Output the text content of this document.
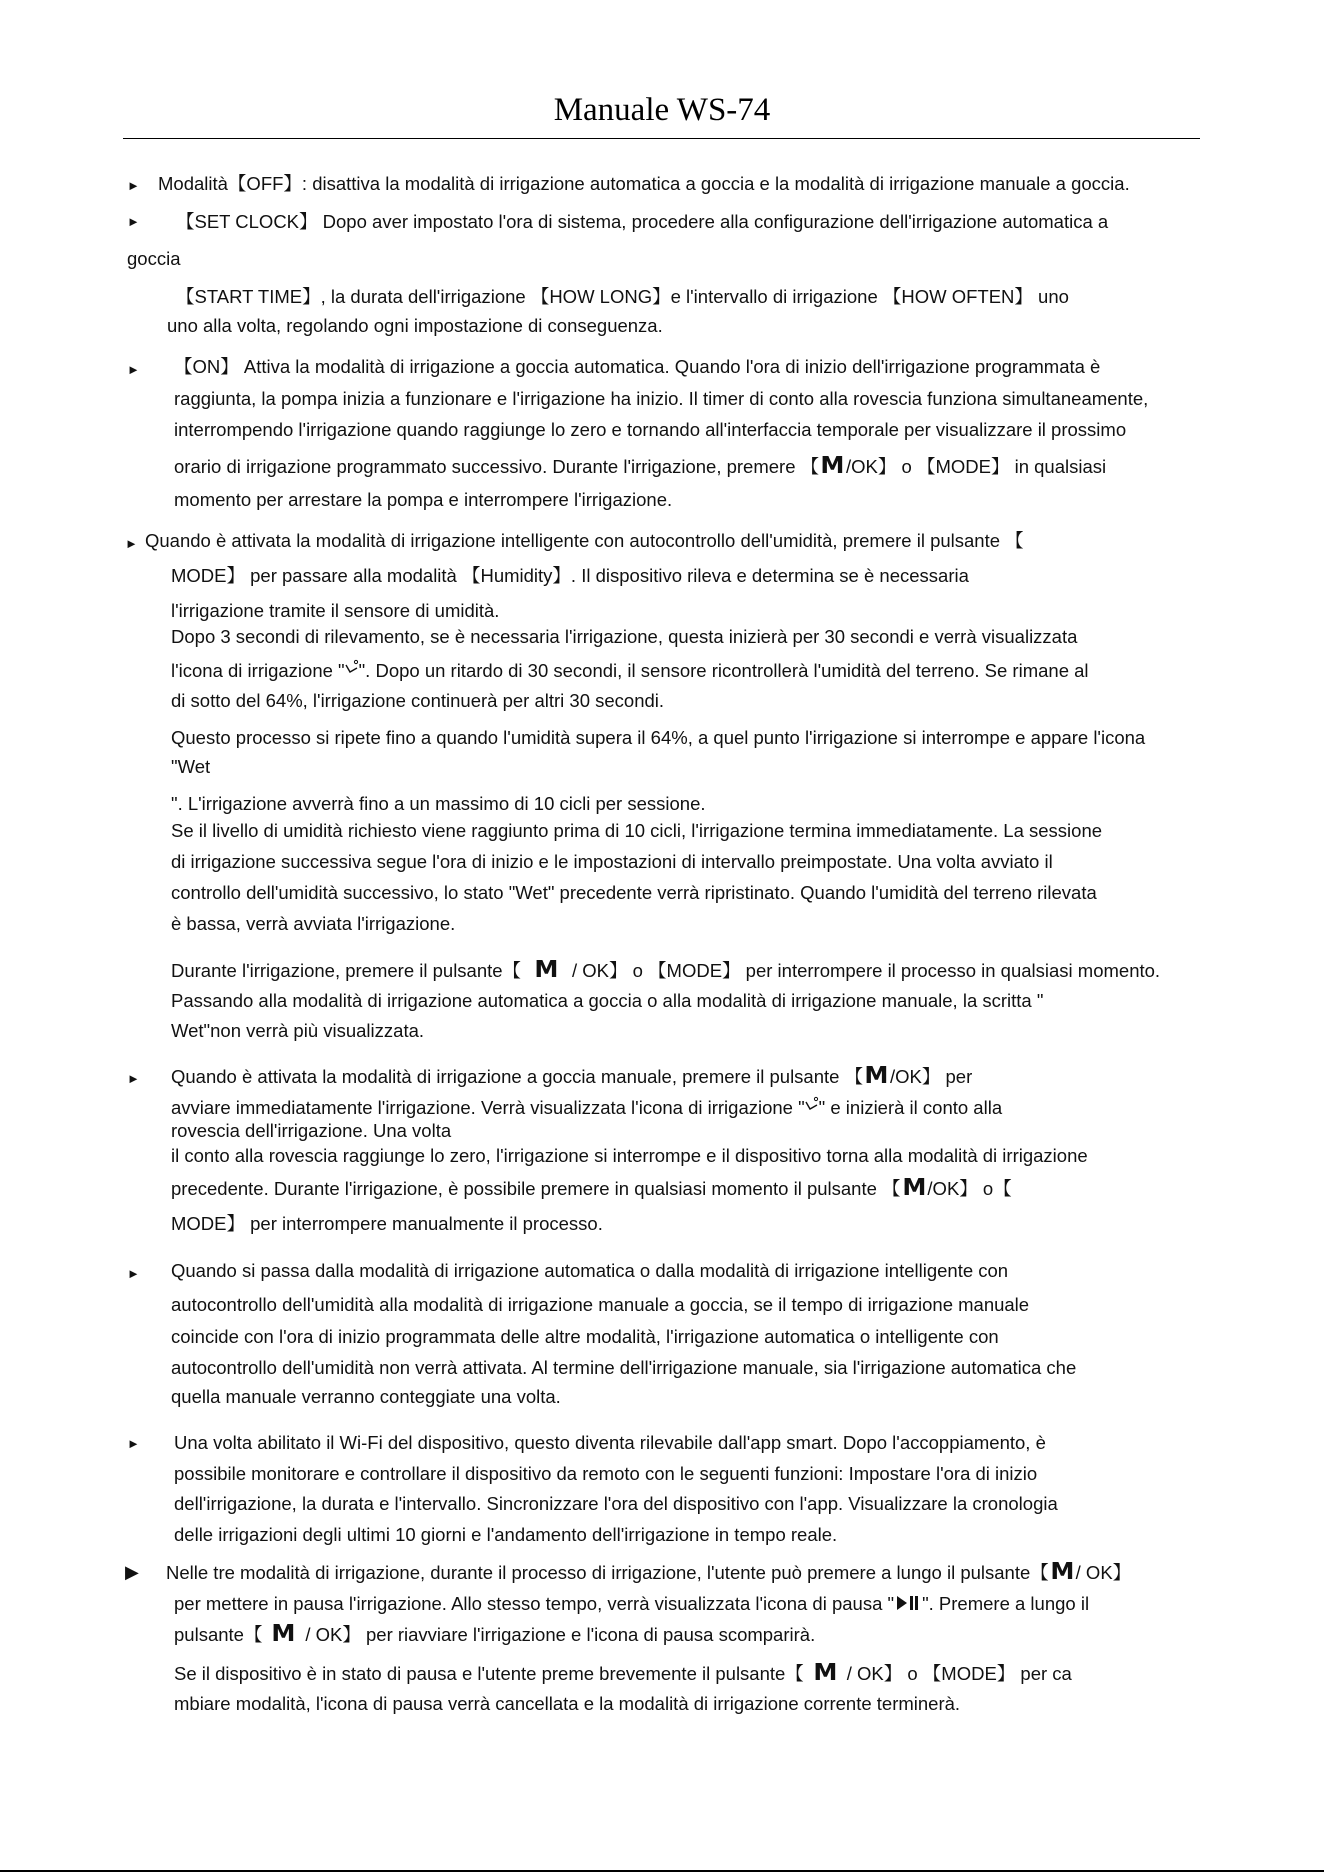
Manuale WS-74
►
►
►
►
►
►
►
▶
Modalità【OFF】: disattiva la modalità di irrigazione automatica a goccia e la modalità di irrigazione manuale a goccia.
【SET CLOCK】 Dopo aver impostato l'ora di sistema, procedere alla configurazione dell'irrigazione automatica a
goccia
【START TIME】, la durata dell'irrigazione 【HOW LONG】e l'intervallo di irrigazione 【HOW OFTEN】 uno
uno alla volta, regolando ogni impostazione di conseguenza.
【ON】 Attiva la modalità di irrigazione a goccia automatica. Quando l'ora di inizio dell'irrigazione programmata è
raggiunta, la pompa inizia a funzionare e l'irrigazione ha inizio. Il timer di conto alla rovescia funziona simultaneamente,
interrompendo l'irrigazione quando raggiunge lo zero e tornando all'interfaccia temporale per visualizzare il prossimo
orario di irrigazione programmato successivo. Durante l'irrigazione, premere 【M/OK】 o 【MODE】 in qualsiasi
momento per arrestare la pompa e interrompere l'irrigazione.
Quando è attivata la modalità di irrigazione intelligente con autocontrollo dell'umidità, premere il pulsante 【
MODE】 per passare alla modalità 【Humidity】. Il dispositivo rileva e determina se è necessaria
l'irrigazione tramite il sensore di umidità.
Dopo 3 secondi di rilevamento, se è necessaria l'irrigazione, questa inizierà per 30 secondi e verrà visualizzata
l'icona di irrigazione " ". Dopo un ritardo di 30 secondi, il sensore ricontrollerà l'umidità del terreno. Se rimane al
di sotto del 64%, l'irrigazione continuerà per altri 30 secondi.
Questo processo si ripete fino a quando l'umidità supera il 64%, a quel punto l'irrigazione si interrompe e appare l'icona
"Wet
". L'irrigazione avverrà fino a un massimo di 10 cicli per sessione.
Se il livello di umidità richiesto viene raggiunto prima di 10 cicli, l'irrigazione termina immediatamente. La sessione
di irrigazione successiva segue l'ora di inizio e le impostazioni di intervallo preimpostate. Una volta avviato il
controllo dell'umidità successivo, lo stato "Wet" precedente verrà ripristinato. Quando l'umidità del terreno rilevata
è bassa, verrà avviata l'irrigazione.
Durante l'irrigazione, premere il pulsante【 M / OK】 o 【MODE】 per interrompere il processo in qualsiasi momento.
Passando alla modalità di irrigazione automatica a goccia o alla modalità di irrigazione manuale, la scritta "
Wet"non verrà più visualizzata.
Quando è attivata la modalità di irrigazione a goccia manuale, premere il pulsante 【M/OK】 per
avviare immediatamente l'irrigazione. Verrà visualizzata l'icona di irrigazione " " e inizierà il conto alla
rovescia dell'irrigazione. Una volta
il conto alla rovescia raggiunge lo zero, l'irrigazione si interrompe e il dispositivo torna alla modalità di irrigazione
precedente. Durante l'irrigazione, è possibile premere in qualsiasi momento il pulsante 【M/OK】 o【
MODE】 per interrompere manualmente il processo.
Quando si passa dalla modalità di irrigazione automatica o dalla modalità di irrigazione intelligente con
autocontrollo dell'umidità alla modalità di irrigazione manuale a goccia, se il tempo di irrigazione manuale
coincide con l'ora di inizio programmata delle altre modalità, l'irrigazione automatica o intelligente con
autocontrollo dell'umidità non verrà attivata. Al termine dell'irrigazione manuale, sia l'irrigazione automatica che
quella manuale verranno conteggiate una volta.
Una volta abilitato il Wi-Fi del dispositivo, questo diventa rilevabile dall'app smart. Dopo l'accoppiamento, è
possibile monitorare e controllare il dispositivo da remoto con le seguenti funzioni: Impostare l'ora di inizio
dell'irrigazione, la durata e l'intervallo. Sincronizzare l'ora del dispositivo con l'app. Visualizzare la cronologia
delle irrigazioni degli ultimi 10 giorni e l'andamento dell'irrigazione in tempo reale.
Nelle tre modalità di irrigazione, durante il processo di irrigazione, l'utente può premere a lungo il pulsante【M/ OK】
per mettere in pausa l'irrigazione. Allo stesso tempo, verrà visualizzata l'icona di pausa " ". Premere a lungo il
pulsante【 M / OK】 per riavviare l'irrigazione e l'icona di pausa scomparirà.
Se il dispositivo è in stato di pausa e l'utente preme brevemente il pulsante【 M / OK】 o 【MODE】 per ca
mbiare modalità, l'icona di pausa verrà cancellata e la modalità di irrigazione corrente terminerà.
